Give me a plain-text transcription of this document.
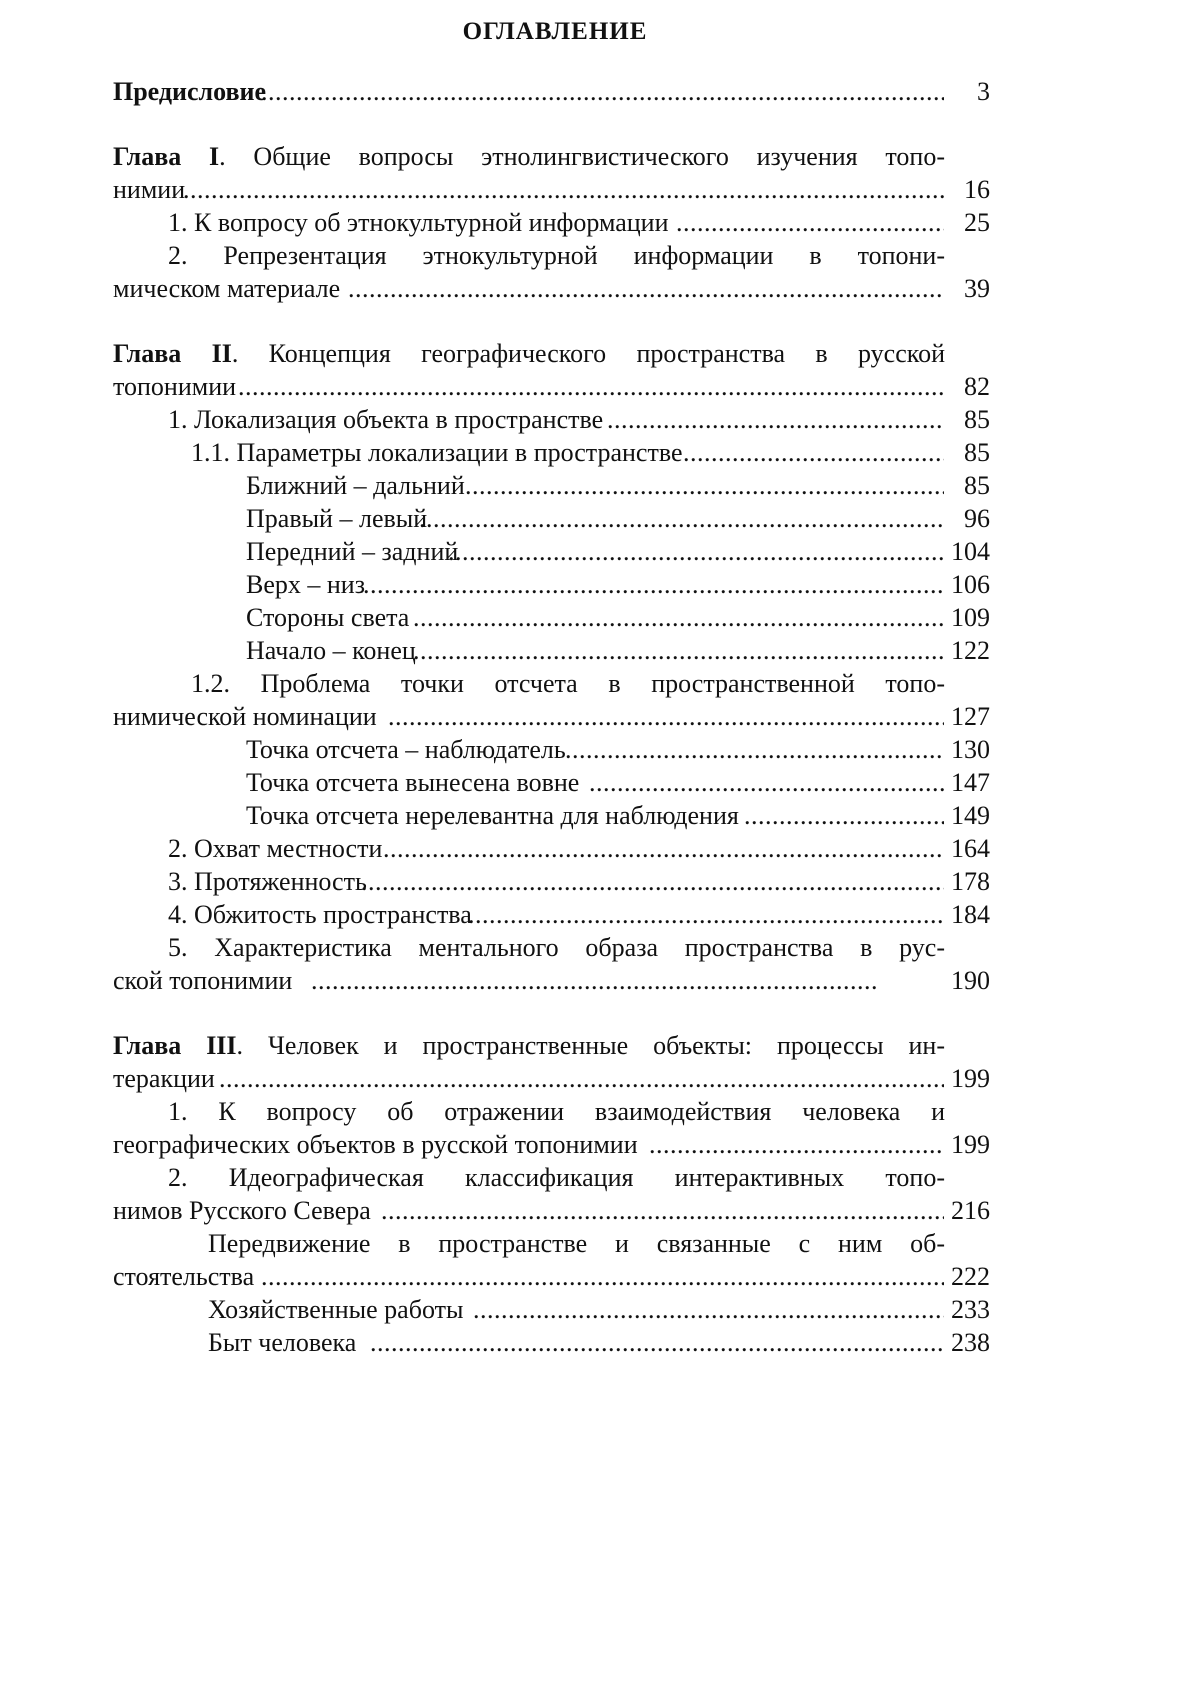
ОГЛАВЛЕНИЕ
Предисловие . . .	3
Глава I. Общие вопросы этнолингвистического изучения топо-
нимии . . .	16
1. К вопросу об этнокультурной информации . . .	25
2. Репрезентация этнокультурной информации в топони-
мическом материале . . .	39
Глава II. Концепция географического пространства в русской
топонимии . . .	82
1. Локализация объекта в пространстве . . .	85
1.1. Параметры локализации в пространстве . . .	85
Ближний – дальний . . .	85
Правый – левый . . .	96
Передний – задний . . .	104
Верх – низ . . .	106
Стороны света . . .	109
Начало – конец . . .	122
1.2. Проблема точки отсчета в пространственной топо-
нимической номинации . . .	127
Точка отсчета – наблюдатель . . .	130
Точка отсчета вынесена вовне . . .	147
Точка отсчета нерелевантна для наблюдения . . .	149
2. Охват местности . . .	164
3. Протяженность . . .	178
4. Обжитость пространства . . .	184
5. Характеристика ментального образа пространства в рус-
ской топонимии . . .	190
Глава III. Человек и пространственные объекты: процессы ин-
теракции . . .	199
1. К вопросу об отражении взаимодействия человека и
географических объектов в русской топонимии . . .	199
2. Идеографическая классификация интерактивных топо-
нимов Русского Севера . . .	216
Передвижение в пространстве и связанные с ним об-
стоятельства . . .	222
Хозяйственные работы . . .	233
Быт человека . . .	238
